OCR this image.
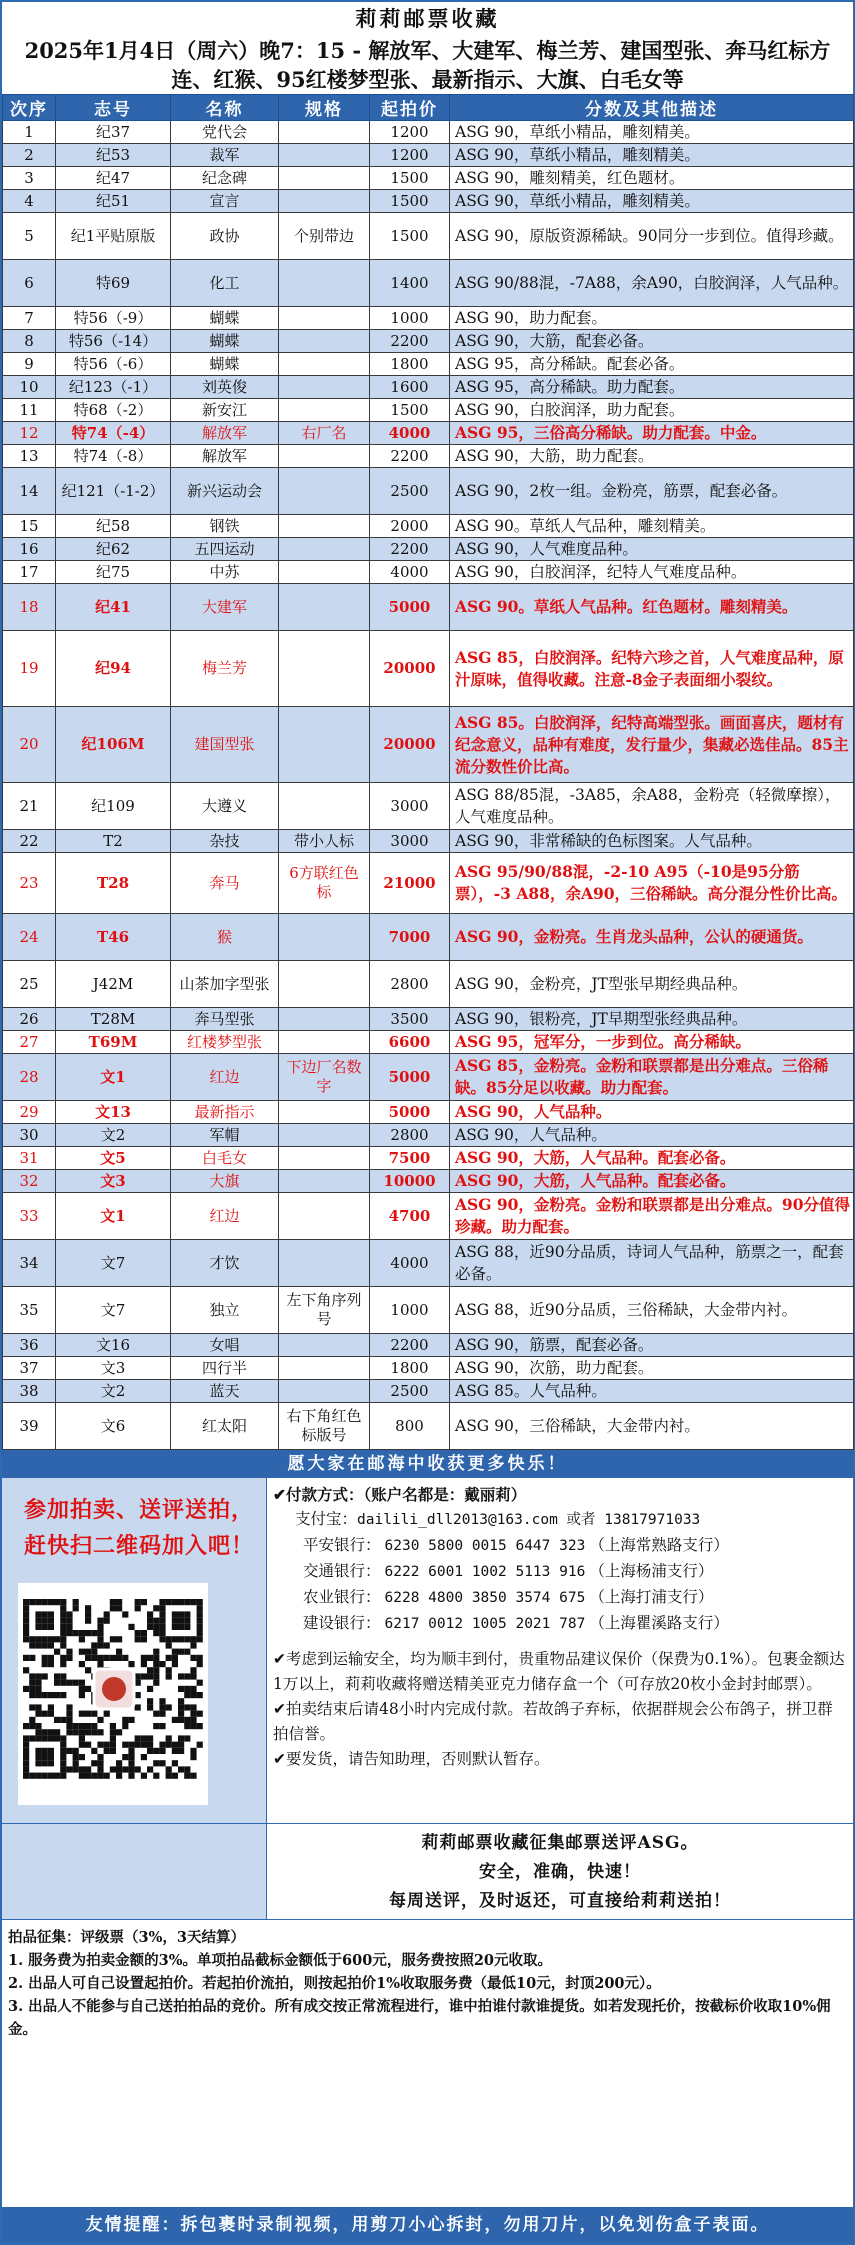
莉莉邮票收藏
2025年1月4日（周六）晚7：15 - 解放军、大建军、梅兰芳、建国型张、奔马红标方连、红猴、95红楼梦型张、最新指示、大旗、白毛女等
次序	志号	名称	规格	起拍价	分数及其他描述
1	纪37	党代会		1200	ASG 90，草纸小精品，雕刻精美。
2	纪53	裁军		1200	ASG 90，草纸小精品，雕刻精美。
3	纪47	纪念碑		1500	ASG 90，雕刻精美，红色题材。
4	纪51	宣言		1500	ASG 90，草纸小精品，雕刻精美。
5	纪1平贴原版	政协	个别带边	1500	ASG 90，原版资源稀缺。90同分一步到位。值得珍藏。
6	特69	化工		1400	ASG 90/88混，-7A88，余A90，白胶润泽，人气品种。
7	特56（-9）	蝴蝶		1000	ASG 90，助力配套。
8	特56（-14）	蝴蝶		2200	ASG 90，大筋，配套必备。
9	特56（-6）	蝴蝶		1800	ASG 95，高分稀缺。配套必备。
10	纪123（-1）	刘英俊		1600	ASG 95，高分稀缺。助力配套。
11	特68（-2）	新安江		1500	ASG 90，白胶润泽，助力配套。
12	特74（-4）	解放军	右厂名	4000	ASG 95，三俗高分稀缺。助力配套。中金。
13	特74（-8）	解放军		2200	ASG 90，大筋，助力配套。
14	纪121（-1-2）	新兴运动会		2500	ASG 90，2枚一组。金粉亮，筋票，配套必备。
15	纪58	钢铁		2000	ASG 90。草纸人气品种，雕刻精美。
16	纪62	五四运动		2200	ASG 90，人气难度品种。
17	纪75	中苏		4000	ASG 90，白胶润泽，纪特人气难度品种。
18	纪41	大建军		5000	ASG 90。草纸人气品种。红色题材。雕刻精美。
19	纪94	梅兰芳		20000	ASG 85，白胶润泽。纪特六珍之首，人气难度品种，原汁原味，值得收藏。注意-8金子表面细小裂纹。
20	纪106M	建国型张		20000	ASG 85。白胶润泽，纪特高端型张。画面喜庆，题材有纪念意义，品种有难度，发行量少，集藏必选佳品。85主流分数性价比高。
21	纪109	大遵义		3000	ASG 88/85混，-3A85，余A88，金粉亮（轻微摩擦），人气难度品种。
22	T2	杂技	带小人标	3000	ASG 90，非常稀缺的色标图案。人气品种。
23	T28	奔马	6方联红色标	21000	ASG 95/90/88混，-2-10 A95（-10是95分筋票），-3 A88，余A90，三俗稀缺。高分混分性价比高。
24	T46	猴		7000	ASG 90，金粉亮。生肖龙头品种，公认的硬通货。
25	J42M	山茶加字型张		2800	ASG 90，金粉亮，JT型张早期经典品种。
26	T28M	奔马型张		3500	ASG 90，银粉亮，JT早期型张经典品种。
27	T69M	红楼梦型张		6600	ASG 95，冠军分，一步到位。高分稀缺。
28	文1	红边	下边厂名数字	5000	ASG 85，金粉亮。金粉和联票都是出分难点。三俗稀缺。85分足以收藏。助力配套。
29	文13	最新指示		5000	ASG 90，人气品种。
30	文2	军帽		2800	ASG 90，人气品种。
31	文5	白毛女		7500	ASG 90，大筋，人气品种。配套必备。
32	文3	大旗		10000	ASG 90，大筋，人气品种。配套必备。
33	文1	红边		4700	ASG 90，金粉亮。金粉和联票都是出分难点。90分值得珍藏。助力配套。
34	文7	才饮		4000	ASG 88，近90分品质，诗词人气品种，筋票之一，配套必备。
35	文7	独立	左下角序列号	1000	ASG 88，近90分品质，三俗稀缺，大金带内衬。
36	文16	女唱		2200	ASG 90，筋票，配套必备。
37	文3	四行半		1800	ASG 90，次筋，助力配套。
38	文2	蓝天		2500	ASG 85。人气品种。
39	文6	红太阳	右下角红色标版号	800	ASG 90，三俗稀缺，大金带内衬。
愿大家在邮海中收获更多快乐！
参加拍卖、送评送拍，
赶快扫二维码加入吧！
✔付款方式：（账户名都是：戴丽莉）
支付宝：dailili_dll2013@163.com 或者 13817971033
平安银行： 6230 5800 0015 6447 323 （上海常熟路支行）
交通银行： 6222 6001 1002 5113 916 （上海杨浦支行）
农业银行： 6228 4800 3850 3574 675 （上海打浦支行）
建设银行： 6217 0012 1005 2021 787 （上海瞿溪路支行）
✔考虑到运输安全，均为顺丰到付，贵重物品建议保价（保费为0.1%）。包裹金额达1万以上，莉莉收藏将赠送精美亚克力储存盒一个（可存放20枚小金封封邮票）。
✔拍卖结束后请48小时内完成付款。若故鸽子弃标，依据群规会公布鸽子，拼卫群拍信誉。
✔要发货，请告知助理，否则默认暂存。
莉莉邮票收藏征集邮票送评ASG。
安全，准确，快速！
每周送评，及时返还，可直接给莉莉送拍！
拍品征集：评级票（3%，3天结算）
1. 服务费为拍卖金额的3%。单项拍品截标金额低于600元，服务费按照20元收取。
2. 出品人可自己设置起拍价。若起拍价流拍，则按起拍价1%收取服务费（最低10元，封顶200元）。
3. 出品人不能参与自己送拍拍品的竞价。所有成交按正常流程进行，谁中拍谁付款谁提货。如若发现托价，按截标价收取10%佣金。
友情提醒：拆包裹时录制视频，用剪刀小心拆封，勿用刀片，以免划伤盒子表面。
